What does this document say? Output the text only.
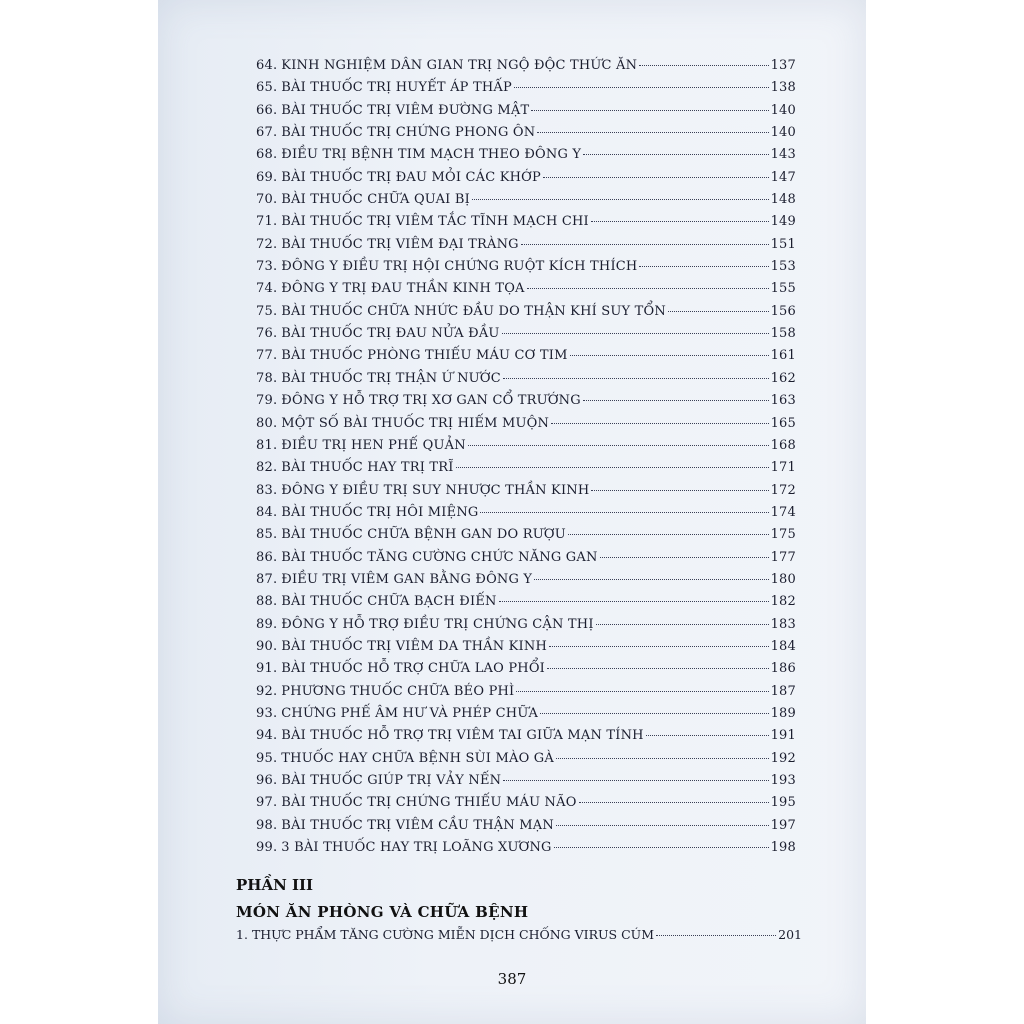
64. KINH NGHIỆM DÂN GIAN TRỊ NGỘ ĐỘC THỨC ĂN	137
65. BÀI THUỐC TRỊ HUYẾT ÁP THẤP	138
66. BÀI THUỐC TRỊ VIÊM ĐƯỜNG MẬT	140
67. BÀI THUỐC TRỊ CHỨNG PHONG ÔN	140
68. ĐIỀU TRỊ BỆNH TIM MẠCH THEO ĐÔNG Y	143
69. BÀI THUỐC TRỊ ĐAU MỎI CÁC KHỚP	147
70. BÀI THUỐC CHỮA QUAI BỊ	148
71. BÀI THUỐC TRỊ VIÊM TẮC TĨNH MẠCH CHI	149
72. BÀI THUỐC TRỊ VIÊM ĐẠI TRÀNG	151
73. ĐÔNG Y ĐIỀU TRỊ HỘI CHỨNG RUỘT KÍCH THÍCH	153
74. ĐÔNG Y TRỊ ĐAU THẦN KINH TỌA	155
75. BÀI THUỐC CHỮA NHỨC ĐẦU DO THẬN KHÍ SUY TỔN	156
76. BÀI THUỐC TRỊ ĐAU NỬA ĐẦU	158
77. BÀI THUỐC PHÒNG THIẾU MÁU CƠ TIM	161
78. BÀI THUỐC TRỊ THẬN Ứ NƯỚC	162
79. ĐÔNG Y HỖ TRỢ TRỊ XƠ GAN CỔ TRƯỚNG	163
80. MỘT SỐ BÀI THUỐC TRỊ HIẾM MUỘN	165
81. ĐIỀU TRỊ HEN PHẾ QUẢN	168
82. BÀI THUỐC HAY TRỊ TRĨ	171
83. ĐÔNG Y ĐIỀU TRỊ SUY NHƯỢC THẦN KINH	172
84. BÀI THUỐC TRỊ HÔI MIỆNG	174
85. BÀI THUỐC CHỮA BỆNH GAN DO RƯỢU	175
86. BÀI THUỐC TĂNG CƯỜNG CHỨC NĂNG GAN	177
87. ĐIỀU TRỊ VIÊM GAN BẰNG ĐÔNG Y	180
88. BÀI THUỐC CHỮA BẠCH ĐIẾN	182
89. ĐÔNG Y HỖ TRỢ ĐIỀU TRỊ CHỨNG CẬN THỊ	183
90. BÀI THUỐC TRỊ VIÊM DA THẦN KINH	184
91. BÀI THUỐC HỖ TRỢ CHỮA LAO PHỔI	186
92. PHƯƠNG THUỐC CHỮA BÉO PHÌ	187
93. CHỨNG PHẾ ÂM HƯ VÀ PHÉP CHỮA	189
94. BÀI THUỐC HỖ TRỢ TRỊ VIÊM TAI GIỮA MẠN TÍNH	191
95. THUỐC HAY CHỮA BỆNH SÙI MÀO GÀ	192
96. BÀI THUỐC GIÚP TRỊ VẢY NẾN	193
97. BÀI THUỐC TRỊ CHỨNG THIẾU MÁU NÃO	195
98. BÀI THUỐC TRỊ VIÊM CẦU THẬN MẠN	197
99. 3 BÀI THUỐC HAY TRỊ LOÃNG XƯƠNG	198
PHẦN III
MÓN ĂN PHÒNG VÀ CHỮA BỆNH
1. THỰC PHẨM TĂNG CƯỜNG MIỄN DỊCH CHỐNG VIRUS CÚM	201
387
